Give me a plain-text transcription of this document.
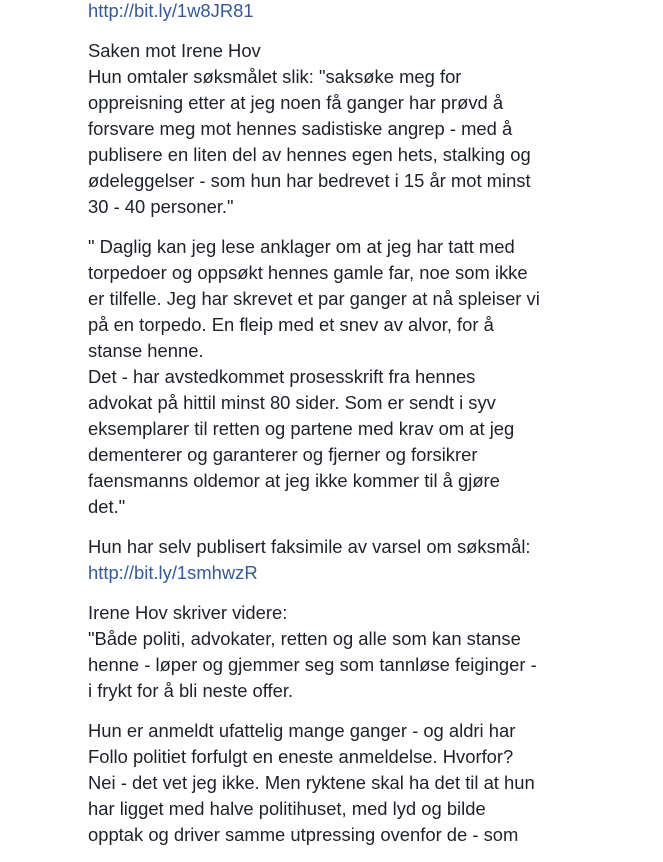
http://bit.ly/1w8JR81

Saken mot Irene Hov
Hun omtaler søksmålet slik: "saksøke meg for
oppreisning etter at jeg noen få ganger har prøvd å
forsvare meg mot hennes sadistiske angrep - med å
publisere en liten del av hennes egen hets, stalking og
ødeleggelser - som hun har bedrevet i 15 år mot minst
30 - 40 personer."

" Daglig kan jeg lese anklager om at jeg har tatt med
torpedoer og oppsøkt hennes gamle far, noe som ikke
er tilfelle. Jeg har skrevet et par ganger at nå spleiser vi
på en torpedo. En fleip med et snev av alvor, for å
stanse henne.
Det - har avstedkommet prosesskrift fra hennes
advokat på hittil minst 80 sider. Som er sendt i syv
eksemplarer til retten og partene med krav om at jeg
dementerer og garanterer og fjerner og forsikrer
faensmanns oldemor at jeg ikke kommer til å gjøre
det."

Hun har selv publisert faksimile av varsel om søksmål:
http://bit.ly/1smhwzR

Irene Hov skriver videre:
"Både politi, advokater, retten og alle som kan stanse
henne - løper og gjemmer seg som tannløse feiginger -
i frykt for å bli neste offer.

Hun er anmeldt ufattelig mange ganger - og aldri har
Follo politiet forfulgt en eneste anmeldelse. Hvorfor?
Nei - det vet jeg ikke. Men ryktene skal ha det til at hun
har ligget med halve politihuset, med lyd og bilde
opptak og driver samme utpressing ovenfor de - som
